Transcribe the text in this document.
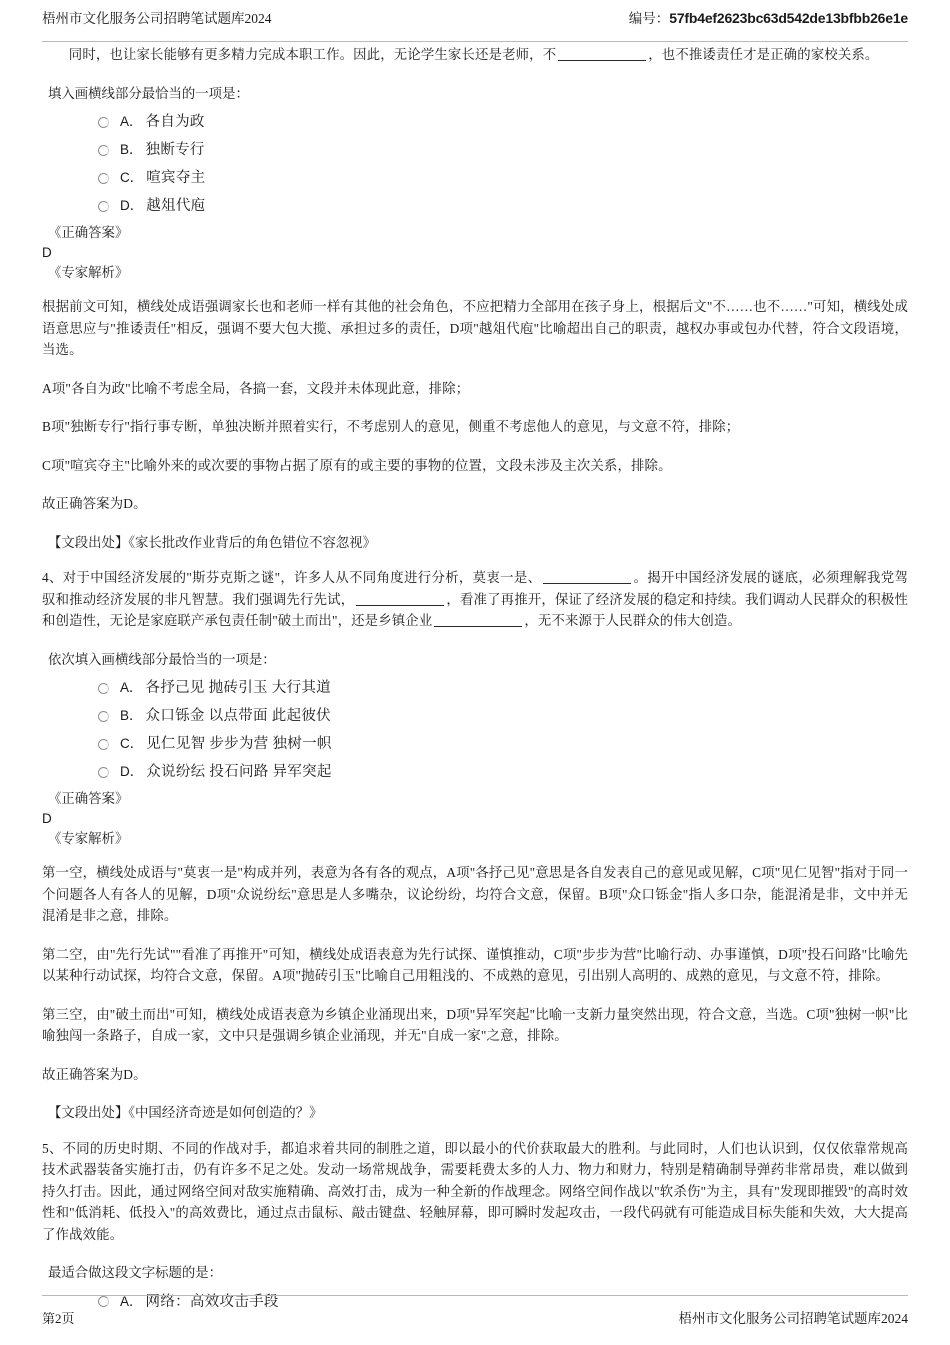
梧州市文化服务公司招聘笔试题库2024	编号：57fb4ef2623bc63d542de13bfbb26e1e

同时，也让家长能够有更多精力完成本职工作。因此，无论学生家长还是老师，不	，也不推诿责任才是正确的家校关系。

填入画横线部分最恰当的一项是：

A． 各自为政
B． 独断专行
C． 喧宾夺主
D． 越俎代庖

《正确答案》

D

《专家解析》

根据前文可知，横线处成语强调家长也和老师一样有其他的社会角色，不应把精力全部用在孩子身上，根据后文"不……也不……"可知，横线处成语意思应与"推诿责任"相反，强调不要大包大揽、承担过多的责任，D项"越俎代庖"比喻超出自己的职责，越权办事或包办代替，符合文段语境，当选。

A项"各自为政"比喻不考虑全局，各搞一套，文段并未体现此意，排除；

B项"独断专行"指行事专断，单独决断并照着实行，不考虑别人的意见，侧重不考虑他人的意见，与文意不符，排除；

C项"喧宾夺主"比喻外来的或次要的事物占据了原有的或主要的事物的位置，文段未涉及主次关系，排除。

故正确答案为D。

【文段出处】《家长批改作业背后的角色错位不容忽视》

4、对于中国经济发展的"斯芬克斯之谜"，许多人从不同角度进行分析，莫衷一是、	。揭开中国经济发展的谜底，必须理解我党驾驭和推动经济发展的非凡智慧。我们强调先行先试，	，看准了再推开，保证了经济发展的稳定和持续。我们调动人民群众的积极性和创造性，无论是家庭联产承包责任制"破土而出"，还是乡镇企业	，无不来源于人民群众的伟大创造。

依次填入画横线部分最恰当的一项是：

A． 各抒己见 抛砖引玉 大行其道
B． 众口铄金 以点带面 此起彼伏
C． 见仁见智 步步为营 独树一帜
D． 众说纷纭 投石问路 异军突起

《正确答案》

D

《专家解析》

第一空，横线处成语与"莫衷一是"构成并列，表意为各有各的观点，A项"各抒己见"意思是各自发表自己的意见或见解，C项"见仁见智"指对于同一个问题各人有各人的见解，D项"众说纷纭"意思是人多嘴杂，议论纷纷，均符合文意，保留。B项"众口铄金"指人多口杂，能混淆是非，文中并无混淆是非之意，排除。

第二空，由"先行先试""看准了再推开"可知，横线处成语表意为先行试探、谨慎推动，C项"步步为营"比喻行动、办事谨慎，D项"投石问路"比喻先以某种行动试探，均符合文意，保留。A项"抛砖引玉"比喻自己用粗浅的、不成熟的意见，引出别人高明的、成熟的意见，与文意不符，排除。

第三空，由"破土而出"可知，横线处成语表意为乡镇企业涌现出来，D项"异军突起"比喻一支新力量突然出现，符合文意，当选。C项"独树一帜"比喻独闯一条路子，自成一家，文中只是强调乡镇企业涌现，并无"自成一家"之意，排除。

故正确答案为D。

【文段出处】《中国经济奇迹是如何创造的？》

5、不同的历史时期、不同的作战对手，都追求着共同的制胜之道，即以最小的代价获取最大的胜利。与此同时，人们也认识到，仅仅依靠常规高技术武器装备实施打击，仍有许多不足之处。发动一场常规战争，需要耗费太多的人力、物力和财力，特别是精确制导弹药非常昂贵，难以做到持久打击。因此，通过网络空间对敌实施精确、高效打击，成为一种全新的作战理念。网络空间作战以"软杀伤"为主，具有"发现即摧毁"的高时效性和"低消耗、低投入"的高效费比，通过点击鼠标、敲击键盘、轻触屏幕，即可瞬时发起攻击，一段代码就有可能造成目标失能和失效，大大提高了作战效能。

最适合做这段文字标题的是：

A． 网络：高效攻击手段
第2页	梧州市文化服务公司招聘笔试题库2024
